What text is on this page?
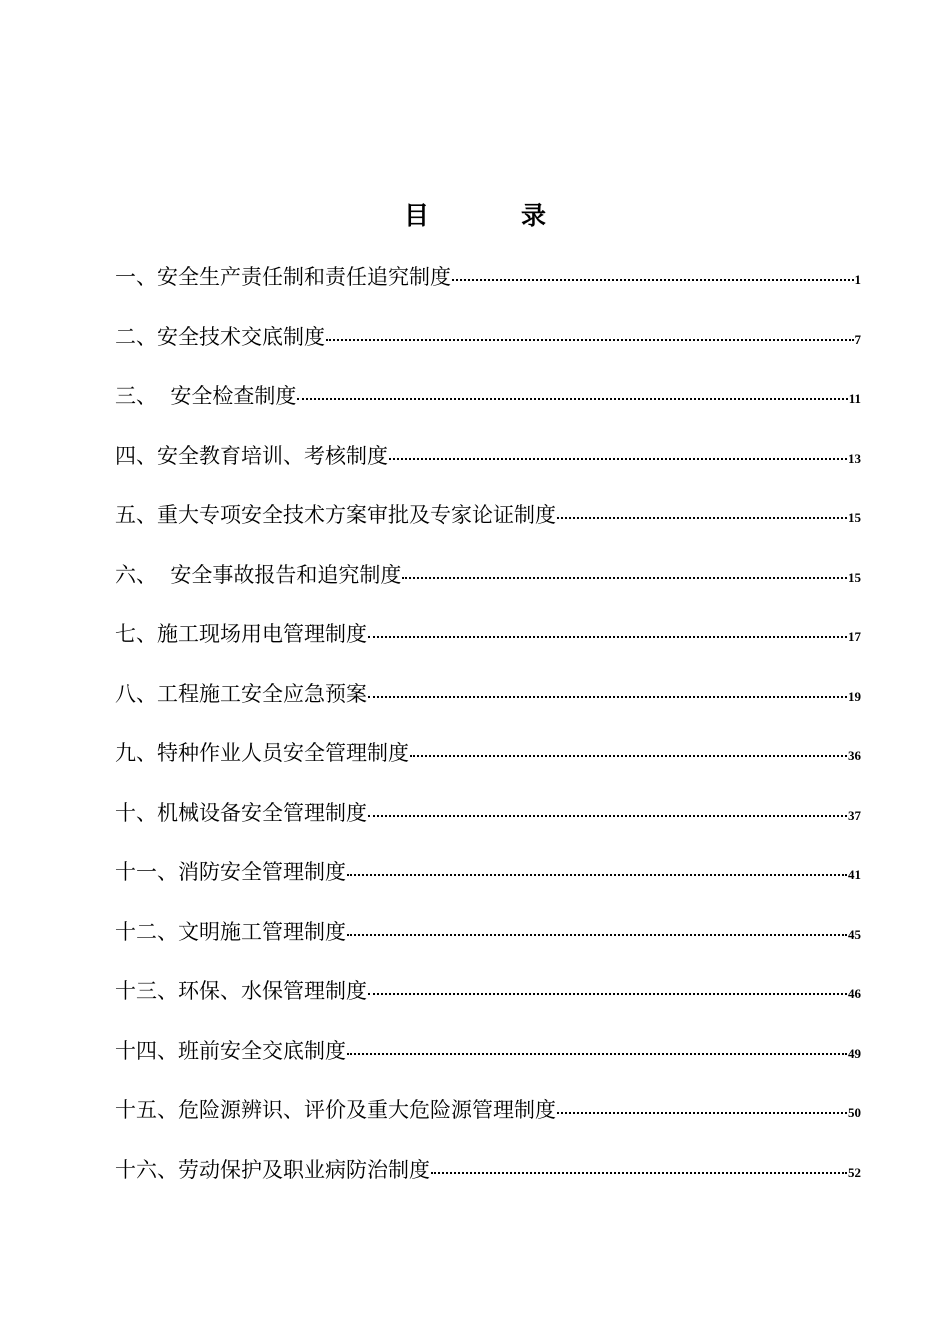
目	录
一、安全生产责任制和责任追究制度	1
二、安全技术交底制度	7
三、  安全检查制度	11
四、安全教育培训、考核制度	13
五、重大专项安全技术方案审批及专家论证制度	15
六、  安全事故报告和追究制度	15
七、施工现场用电管理制度	17
八、工程施工安全应急预案	19
九、特种作业人员安全管理制度	36
十、机械设备安全管理制度	37
十一、消防安全管理制度	41
十二、文明施工管理制度	45
十三、环保、水保管理制度	46
十四、班前安全交底制度	49
十五、危险源辨识、评价及重大危险源管理制度	50
十六、劳动保护及职业病防治制度	52
